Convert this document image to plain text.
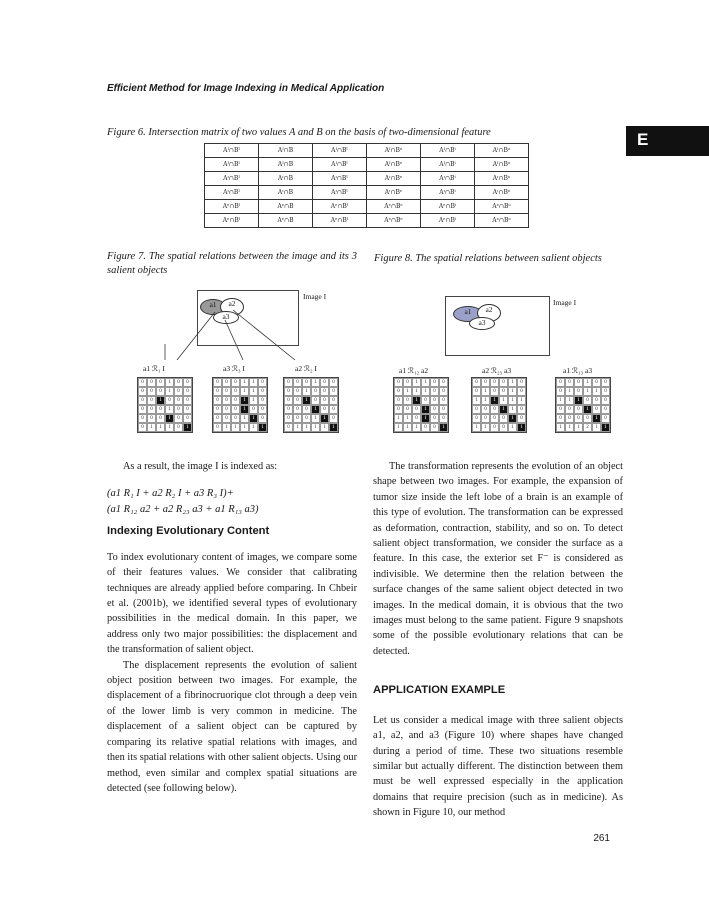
Efficient Method for Image Indexing in Medical Application
E
Figure 6. Intersection matrix of two values A and B on the basis of two-dimensional feature
Aᴵ∩Bᴵ	Aᴵ∩B	Aᴵ∩Bˡ	Aᴵ∩Bᵉ	Aᴵ∩Bⁱ	Aᴵ∩Bᵒ
Aᴵ∩Bᴵ	Aᴵ∩B	Aᴵ∩Bˡ	Aᴵ∩Bᵉ	Aᴵ∩Bⁱ	Aᴵ∩Bᵒ
Aᶦ∩Bᴵ	Aᶦ∩B	Aᶦ∩Bˡ	Aᶦ∩Bᵉ	Aᶦ∩Bⁱ	Aᶦ∩Bᵒ
Aᶦ∩Bᴵ	Aᶦ∩B	Aᶦ∩Bˡ	Aᶦ∩Bᵉ	Aᶦ∩Bⁱ	Aᶦ∩Bᵒ
Aᵉ∩Bᴵ	Aᵉ∩B	Aᵉ∩Bˡ	Aᵉ∩Bᵉ	Aᵉ∩Bⁱ	Aᵉ∩Bᵒ
Aᵉ∩Bᴵ	Aᵉ∩B	Aᵉ∩Bˡ	Aᵉ∩Bᵉ	Aᵉ∩Bⁱ	Aᵉ∩Bᵒ
Figure 7. The spatial relations between the image and its 3 salient objects
Figure 8. The spatial relations between salient objects
Image I
a1	a2
a3
a1 ℛ₁ I	a3 ℛ₃ I	a2 ℛ₂ I
0	0	0	1	0	0
0	0	0	1	0	0
0	0	1	0	0	0
0	0	0	1	0	0
0	0	0	1	0	0
0	1	1	1	0	1
0	0	0	1	1	0
0	0	0	1	1	0
0	0	0	1	1	0
0	0	0	1	0	0
0	0	0	1	1	0
0	1	1	1	1	1
0	0	0	1	0	0
0	0	1	0	0	0
0	0	1	0	0	0
0	0	0	1	0	0
0	0	0	1	1	0
0	1	1	1	1	1
Image I
a1	a2
a3
a1 ℛ₁₂ a2	a2 ℛ₂₃ a3	a1 ℛ₁₃ a3
0	0	1	1	0	0
0	1	1	1	0	0
0	0	1	0	0	0
0	0	0	1	0	0
1	1	0	1	0	0
1	1	1	0	0	1
0	0	0	0	1	0
0	1	0	0	1	0
1	1	1	1	1	1
0	0	0	1	1	0
0	0	0	0	1	0
1	1	0	0	1	1
0	0	0	1	0	0
0	1	0	1	1	0
1	1	1	0	0	0
0	0	0	1	0	0
0	0	0	0	1	0
1	1	1	2	1	1

As a result, the image I is indexed as:

(a1 R₁ I + a2 R₂ I + a3 R₃ I)+

(a1 R₁₂ a2 + a2 R₂₃ a3 + a1 R₁₃ a3)

Indexing Evolutionary Content

To index evolutionary content of images, we compare some of their features values. We consider that calibrating techniques are already applied before comparing. In Chbeir et al. (2001b), we identified several types of evolutionary possibilities in the medical domain. In this paper, we address only two major possibilities: the displacement and the transformation of salient object.

The displacement represents the evolution of salient object position between two images. For example, the displacement of a fibrinocruorique clot through a deep vein of the lower limb is very common in medicine. The displacement of a salient object can be captured by comparing its relative spatial relations with images, and then its spatial relations with other salient objects. Using our method, even similar and complex spatial situations are detected (see following below).

The transformation represents the evolution of an object shape between two images. For example, the expansion of tumor size inside the left lobe of a brain is an example of this type of evolution. The transformation can be expressed as deformation, contraction, stability, and so on. To detect salient object transformation, we consider the surface as a feature. In this case, the exterior set F⁻ is considered as indivisible. We determine then the relation between the surface changes of the same salient object detected in two images. In the medical domain, it is obvious that the two images must belong to the same patient. Figure 9 snapshots some of the possible evolutionary relations that can be detected.

APPLICATION EXAMPLE

Let us consider a medical image with three salient objects a1, a2, and a3 (Figure 10) where shapes have changed during a period of time. These two situations resemble similar but actually different. The distinction between them must be well expressed especially in the application domains that require precision (such as in medicine). As shown in Figure 10, our method

261
